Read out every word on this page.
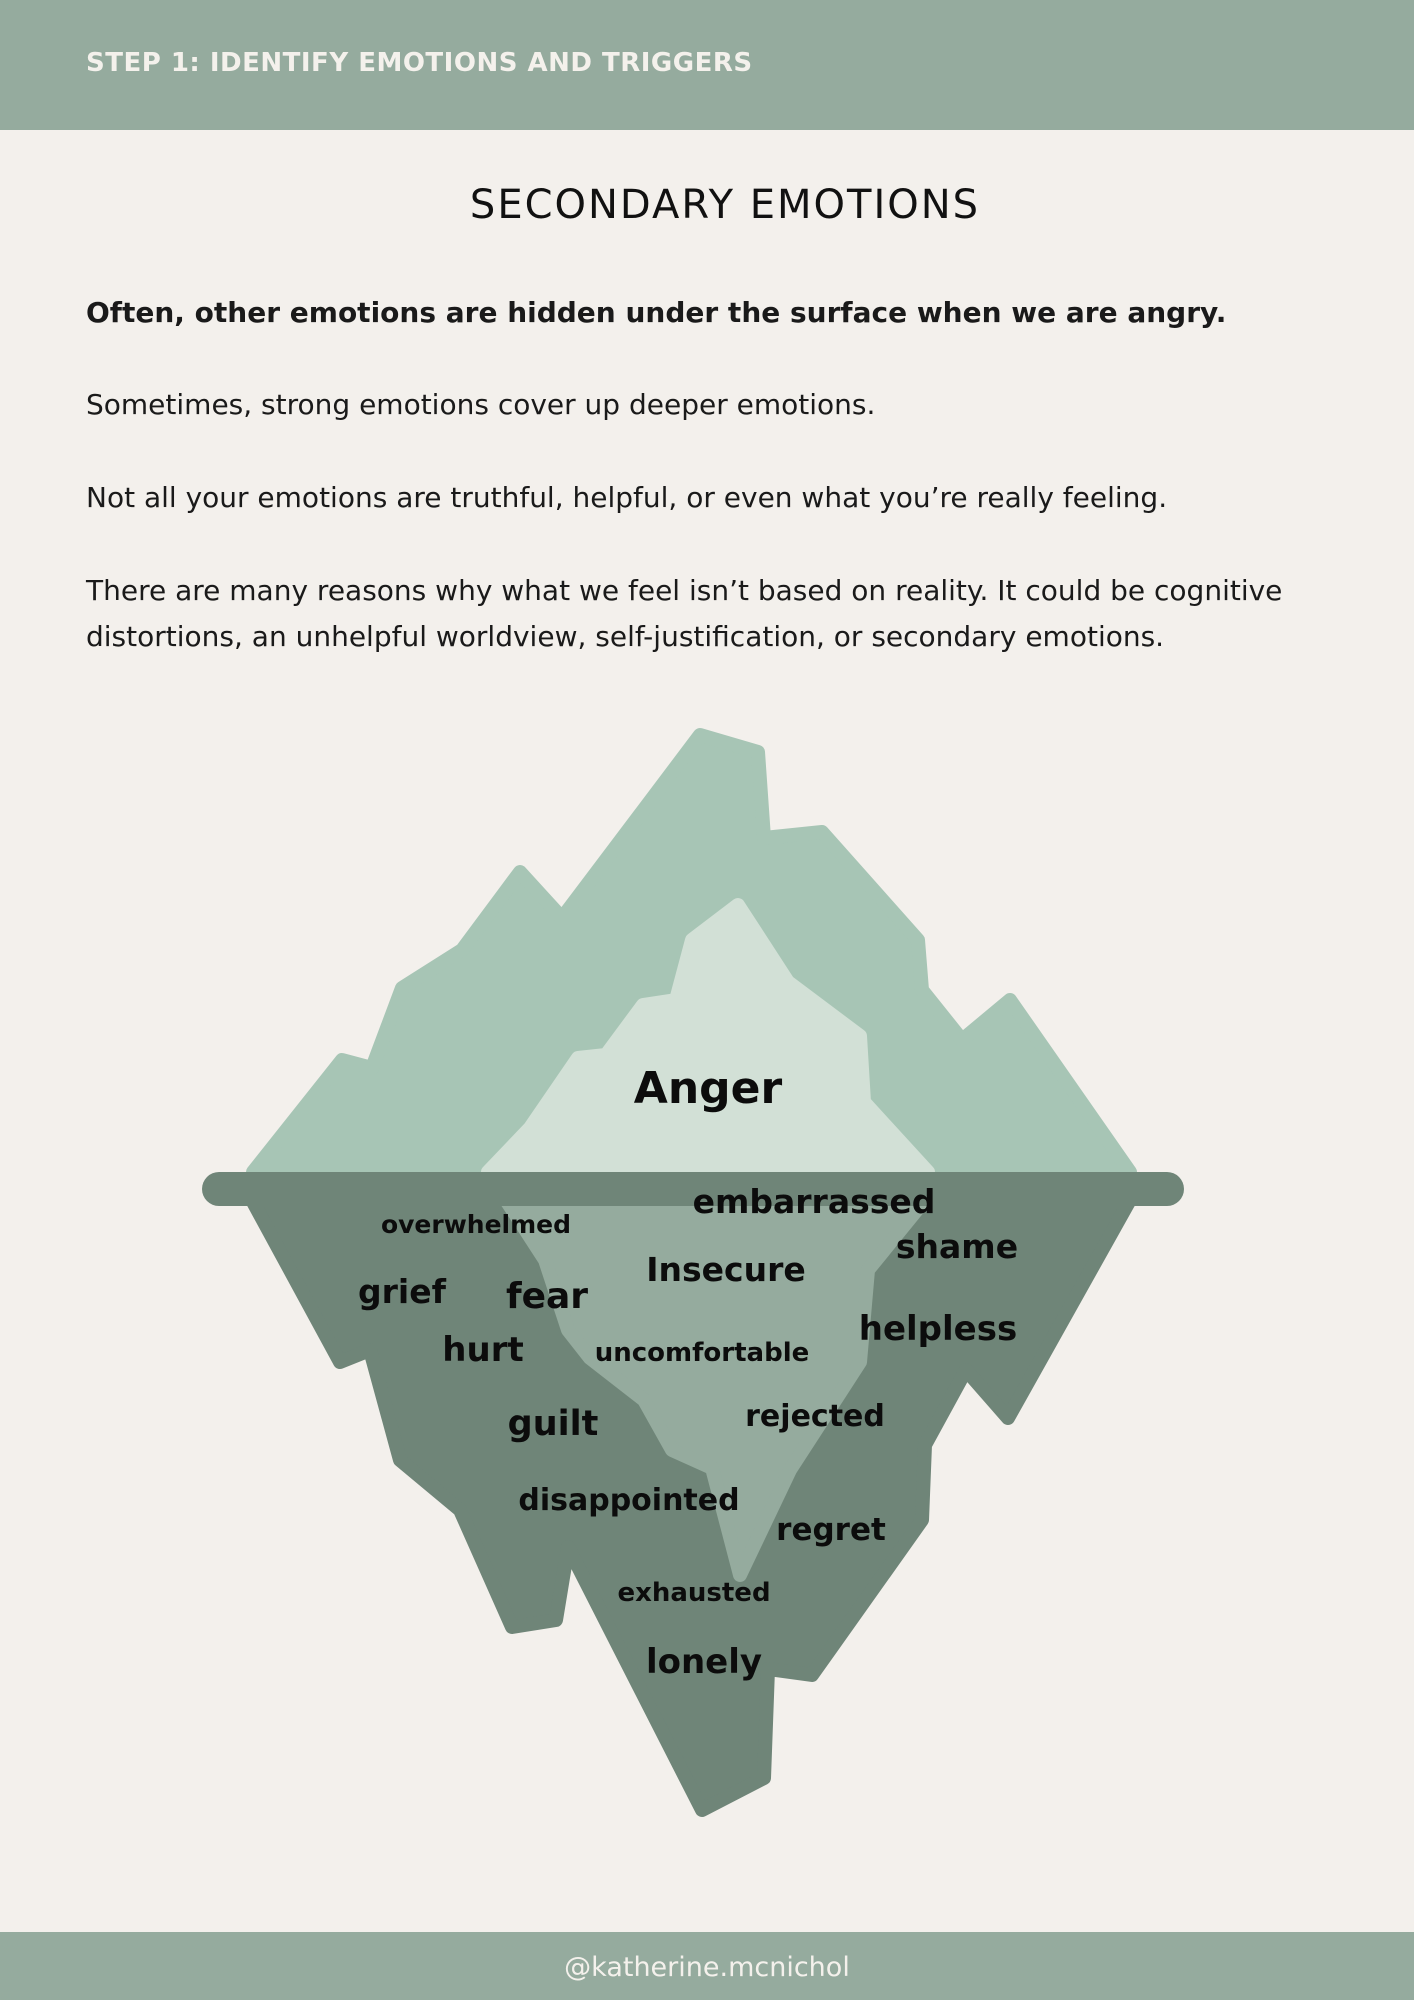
STEP 1: IDENTIFY EMOTIONS AND TRIGGERS
SECONDARY EMOTIONS
Often, other emotions are hidden under the surface when we are angry.
Sometimes, strong emotions cover up deeper emotions.
Not all your emotions are truthful, helpful, or even what you’re really feeling.
There are many reasons why what we feel isn’t based on reality. It could be cognitive distortions, an unhelpful worldview, self-justification, or secondary emotions.
Anger
embarrassed
overwhelmed
shame
Insecure
grief fear
helpless
hurt	uncomfortable
rejected
guilt
disappointed
regret
exhausted
lonely
@katherine.mcnichol
